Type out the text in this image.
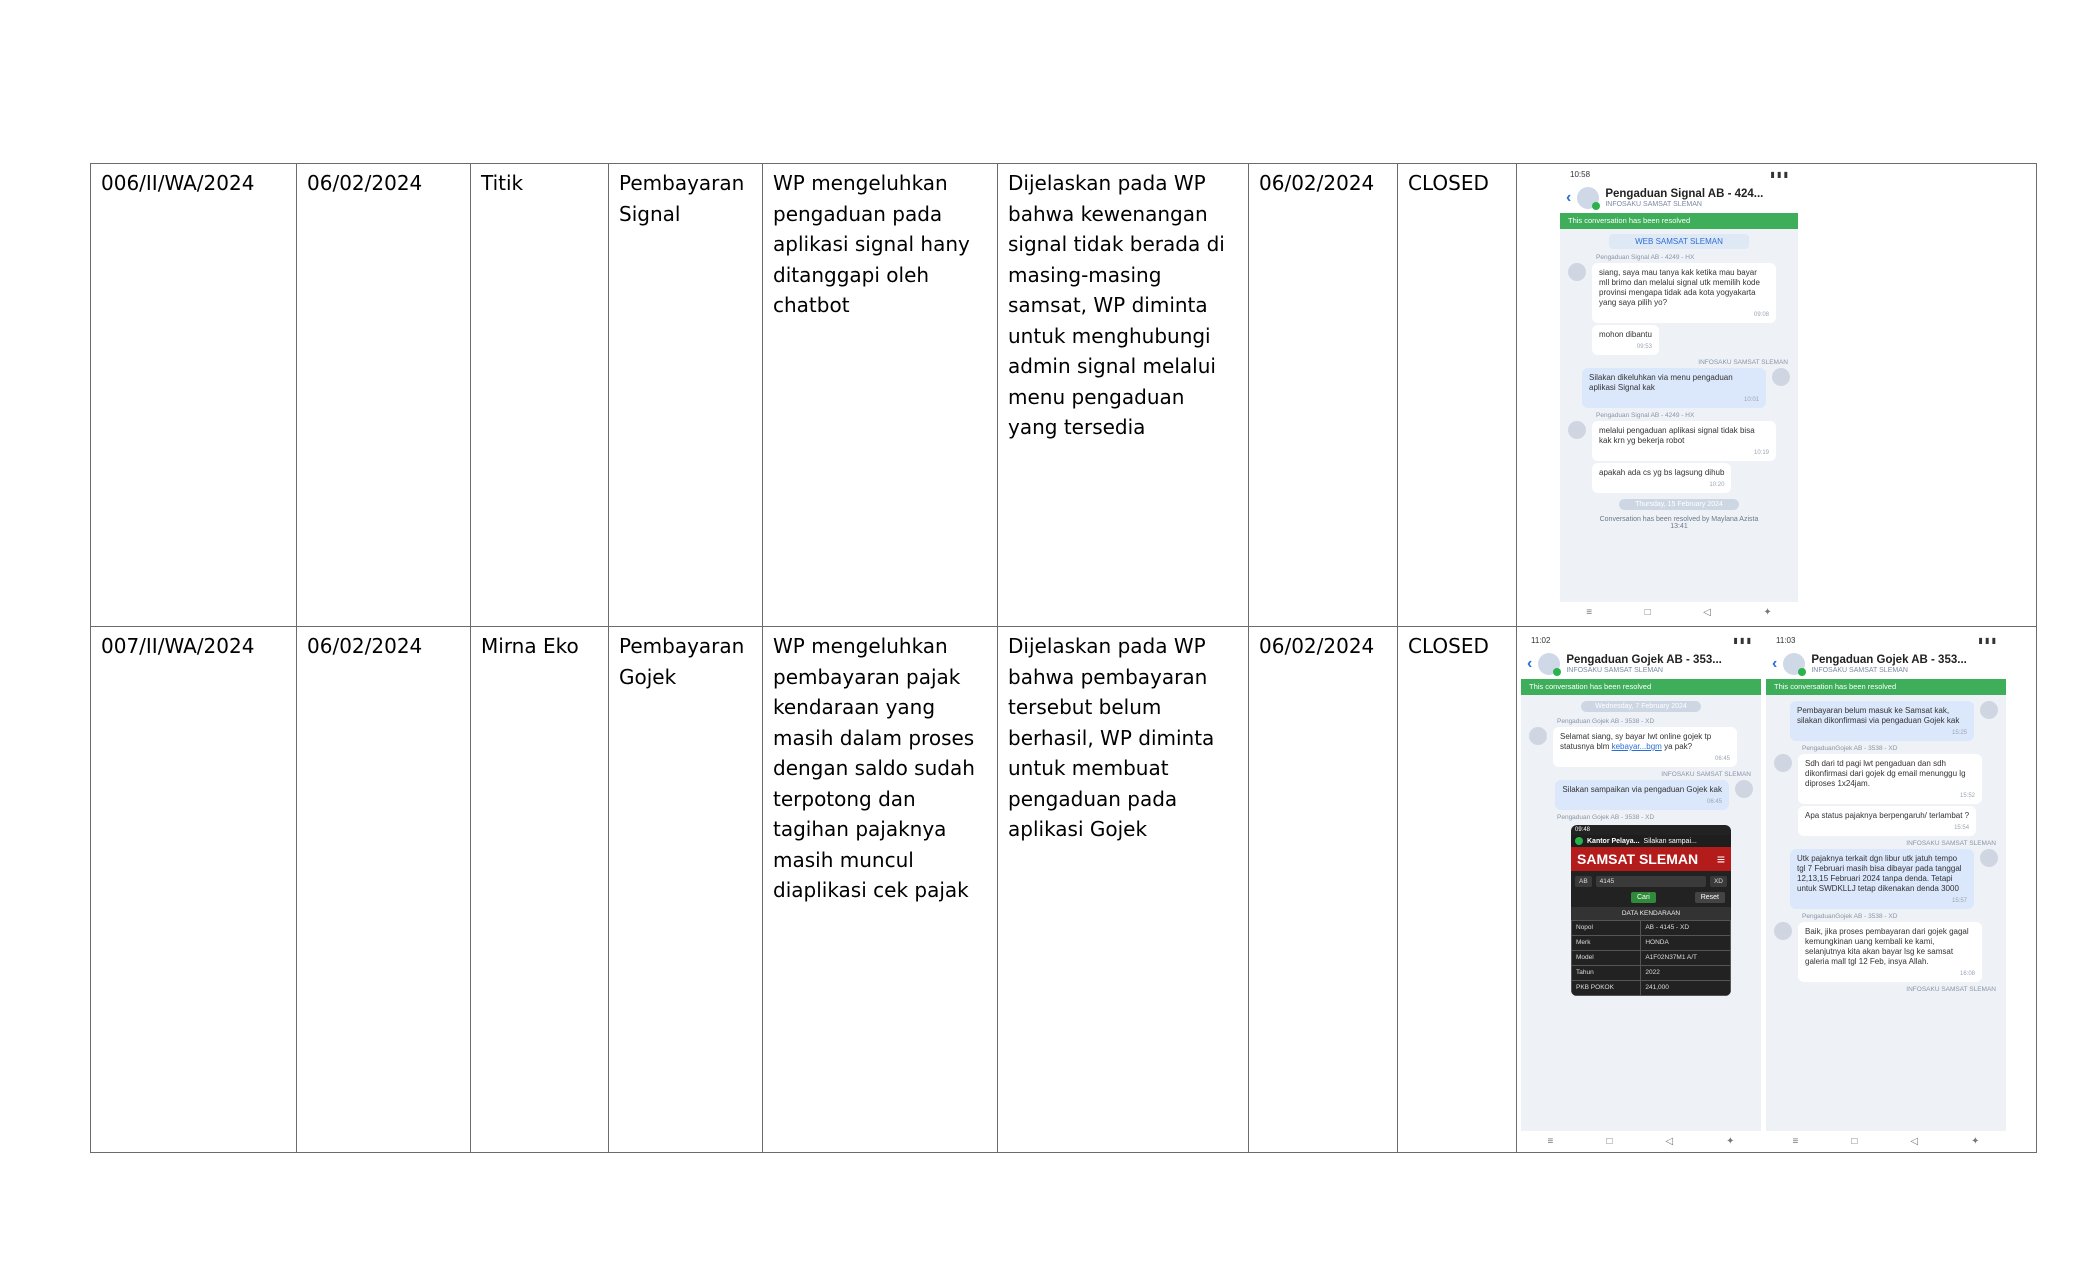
006/II/WA/2024	06/02/2024	Titik	Pembayaran Signal	WP mengeluhkan pengaduan pada aplikasi signal hany ditanggapi oleh chatbot	Dijelaskan pada WP bahwa kewenangan signal tidak berada di masing-masing samsat, WP diminta untuk menghubungi admin signal melalui menu pengaduan yang tersedia	06/02/2024	CLOSED	
007/II/WA/2024	06/02/2024	Mirna Eko	Pembayaran Gojek	WP mengeluhkan pembayaran pajak kendaraan yang masih dalam proses dengan saldo sudah terpotong dan tagihan pajaknya masih muncul diaplikasi cek pajak	Dijelaskan pada WP bahwa pembayaran tersebut belum berhasil, WP diminta untuk membuat pengaduan pada aplikasi Gojek	06/02/2024	CLOSED	
10:58	▮ ▮ ▮
‹	Pengaduan Signal AB - 424...
INFOSAKU SAMSAT SLEMAN
This conversation has been resolved
WEB SAMSAT SLEMAN
Pengaduan Signal AB - 4249 - HX
siang, saya mau tanya kak ketika mau bayar mll brimo dan melalui signal utk memilih kode provinsi mengapa tidak ada kota yogyakarta yang saya pilih yo?
09:08
mohon dibantu
09:53
INFOSAKU SAMSAT SLEMAN
Silakan dikeluhkan via menu pengaduan aplikasi Signal kak
10:01
Pengaduan Signal AB - 4249 - HX
melalui pengaduan aplikasi signal tidak bisa kak krn yg bekerja robot
10:19
apakah ada cs yg bs lagsung dihub
10:20
Thursday, 15 February 2024
Conversation has been resolved by Maylana Azista
13:41
≡	□	◁	✦
11:02	▮ ▮ ▮
‹	Pengaduan Gojek AB - 353...
INFOSAKU SAMSAT SLEMAN
This conversation has been resolved
Wednesday, 7 February 2024
Pengaduan Gojek AB - 3538 - XD
Selamat siang, sy bayar lwt online gojek tp statusnya blm kebayar...bgm ya pak?
06:45
INFOSAKU SAMSAT SLEMAN
Silakan sampaikan via pengaduan Gojek kak
06:45
Pengaduan Gojek AB - 3538 - XD
09:48
Kantor Pelaya... Silakan sampai...
SAMSAT SLEMAN ≡
AB	4145	XD
Cari	Reset
DATA KENDARAAN
Nopol	AB - 4145 - XD
Merk	HONDA
Model	A1F02N37M1 A/T
Tahun	2022
PKB POKOK	241,000
≡	□	◁	✦
11:03	▮ ▮ ▮
‹	Pengaduan Gojek AB - 353...
INFOSAKU SAMSAT SLEMAN
This conversation has been resolved
Pembayaran belum masuk ke Samsat kak, silakan dikonfirmasi via pengaduan Gojek kak
15:25
PengaduanGojek AB - 3538 - XD
Sdh dari td pagi lwt pengaduan dan sdh dikonfirmasi dari gojek dg email menunggu lg diproses 1x24jam.
15:52
Apa status pajaknya berpengaruh/ terlambat ?
15:54
INFOSAKU SAMSAT SLEMAN
Utk pajaknya terkait dgn libur utk jatuh tempo tgl 7 Februari masih bisa dibayar pada tanggal 12,13,15 Februari 2024 tanpa denda. Tetapi untuk SWDKLLJ tetap dikenakan denda 3000
15:57
PengaduanGojek AB - 3538 - XD
Baik, jika proses pembayaran dari gojek gagal kemungkinan uang kembali ke kami, selanjutnya kita akan bayar lsg ke samsat galeria mall tgl 12 Feb, insya Allah.
16:08
INFOSAKU SAMSAT SLEMAN
≡	□	◁	✦
